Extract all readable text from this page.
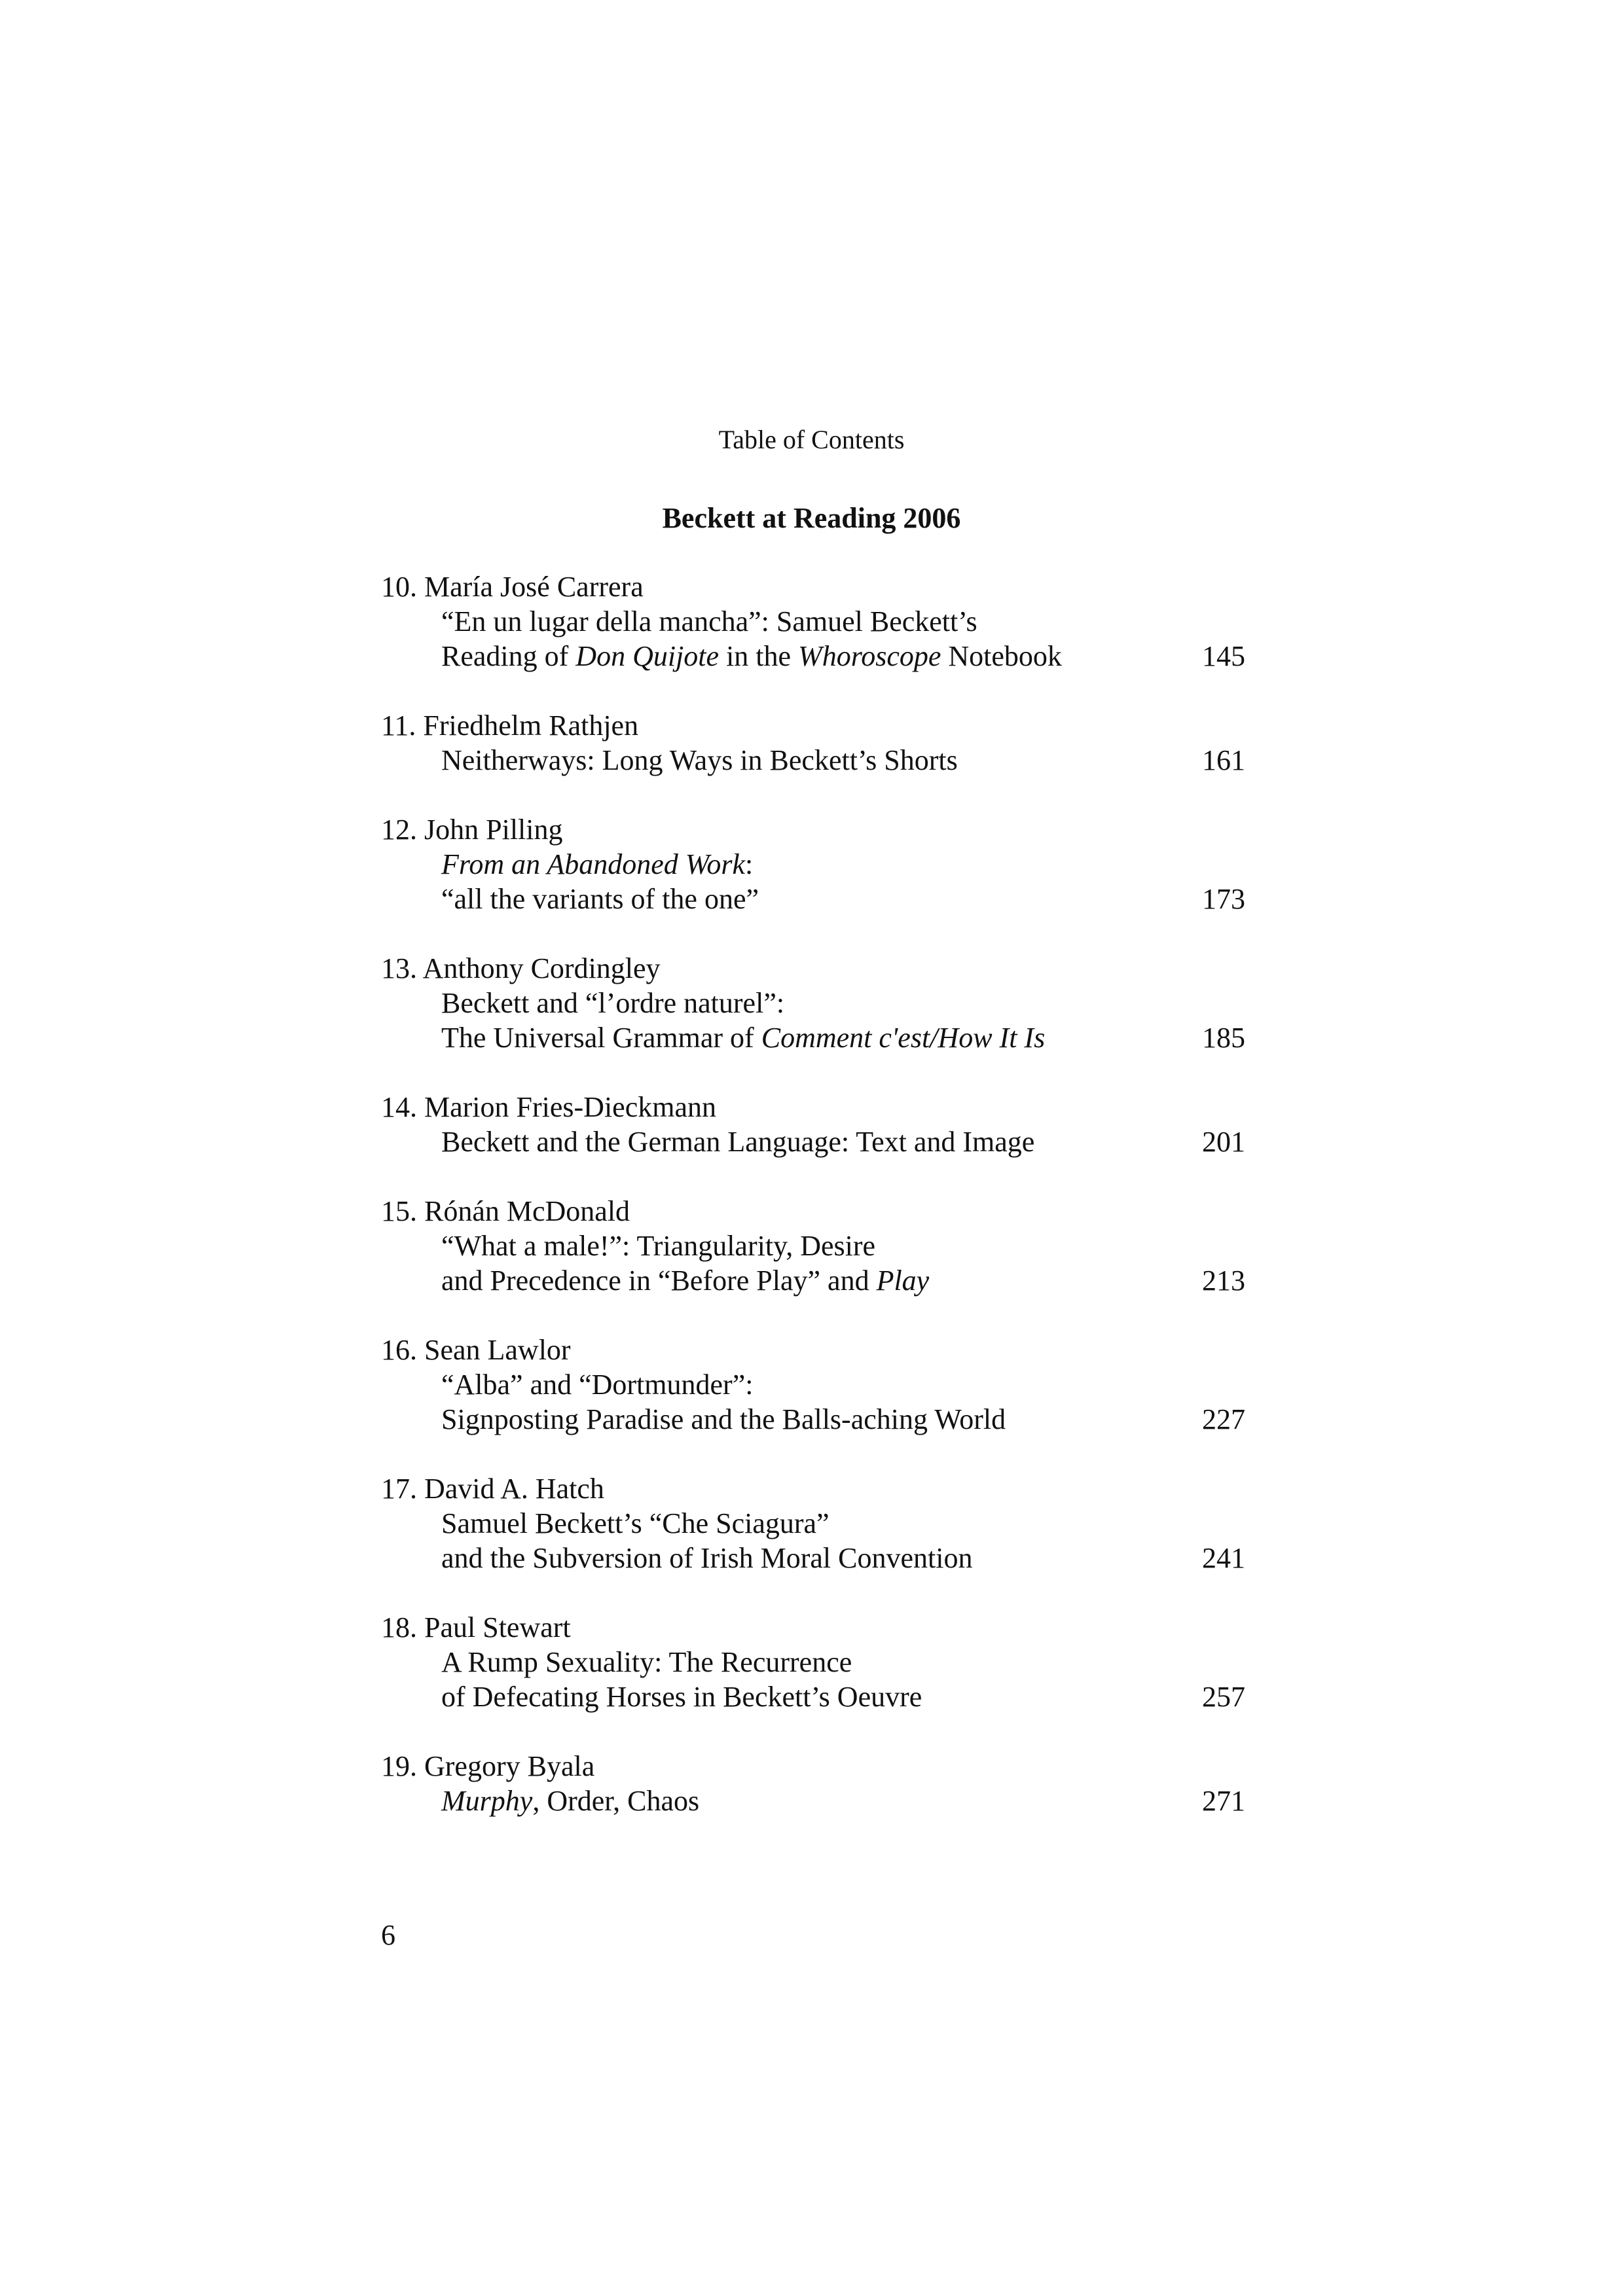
Table of Contents
Beckett at Reading 2006
10. María José Carrera
“En un lugar della mancha”: Samuel Beckett’s
Reading of Don Quijote in the Whoroscope Notebook	145
11. Friedhelm Rathjen
Neitherways: Long Ways in Beckett’s Shorts	161
12. John Pilling
From an Abandoned Work:
“all the variants of the one”	173
13. Anthony Cordingley
Beckett and “l’ordre naturel”:
The Universal Grammar of Comment c'est/How It Is	185
14. Marion Fries-Dieckmann
Beckett and the German Language: Text and Image	201
15. Rónán McDonald
“What a male!”: Triangularity, Desire
and Precedence in “Before Play” and Play	213
16. Sean Lawlor
“Alba” and “Dortmunder”:
Signposting Paradise and the Balls-aching World	227
17. David A. Hatch
Samuel Beckett’s “Che Sciagura”
and the Subversion of Irish Moral Convention	241
18. Paul Stewart
A Rump Sexuality: The Recurrence
of Defecating Horses in Beckett’s Oeuvre	257
19. Gregory Byala
Murphy, Order, Chaos	271
6
